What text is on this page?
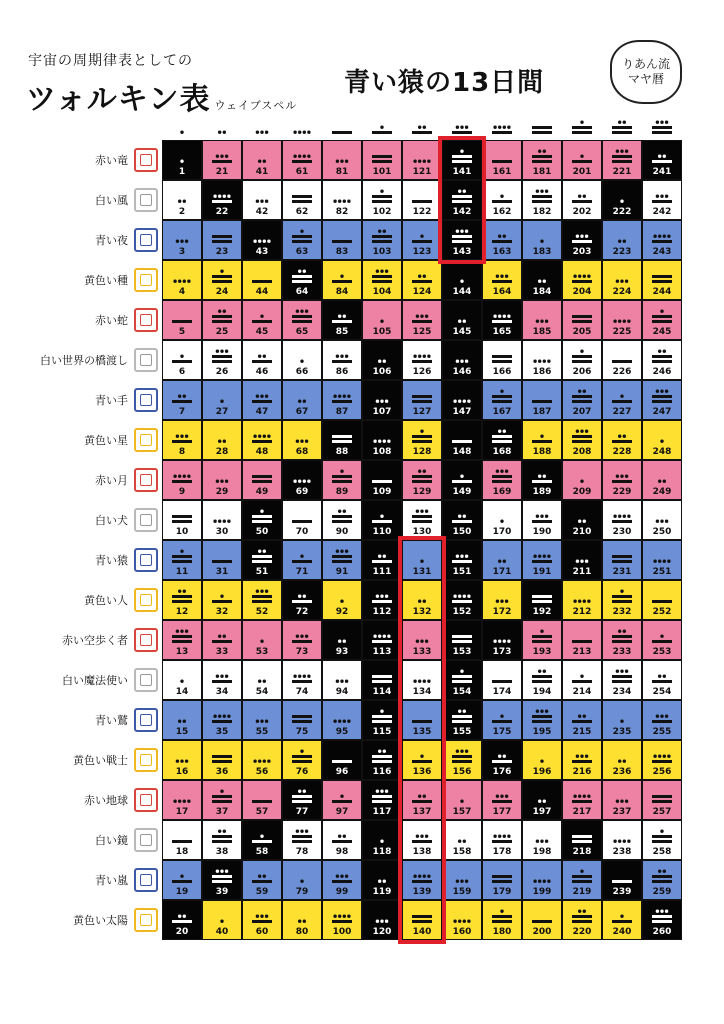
宇宙の周期律表としての
ツォルキン表 ウェイブスペル
青い猿の13日間
りあん流
マヤ暦
赤い竜
白い風
青い夜
黄色い種
赤い蛇
白い世界の橋渡し
青い手
黄色い星
赤い月
白い犬
青い猿
黄色い人
赤い空歩く者
白い魔法使い
青い鷲
黄色い戦士
赤い地球
白い鏡
青い嵐
黄色い太陽
1
2
3
4
5
6
7
8
9
10
11
12
13
14
15
16
17
18
19
20
21
22
23
24
25
26
27
28
29
30
31
32
33
34
35
36
37
38
39
40
41
42
43
44
45
46
47
48
49
50
51
52
53
54
55
56
57
58
59
60
61
62
63
64
65
66
67
68
69
70
71
72
73
74
75
76
77
78
79
80
81
82
83
84
85
86
87
88
89
90
91
92
93
94
95
96
97
98
99
100
101
102
103
104
105
106
107
108
109
110
111
112
113
114
115
116
117
118
119
120
121
122
123
124
125
126
127
128
129
130
131
132
133
134
135
136
137
138
139
140
141
142
143
144
145
146
147
148
149
150
151
152
153
154
155
156
157
158
159
160
161
162
163
164
165
166
167
168
169
170
171
172
173
174
175
176
177
178
179
180
181
182
183
184
185
186
187
188
189
190
191
192
193
194
195
196
197
198
199
200
201
202
203
204
205
206
207
208
209
210
211
212
213
214
215
216
217
218
219
220
221
222
223
224
225
226
227
228
229
230
231
232
233
234
235
236
237
238
239
240
241
242
243
244
245
246
247
248
249
250
251
252
253
254
255
256
257
258
259
260
